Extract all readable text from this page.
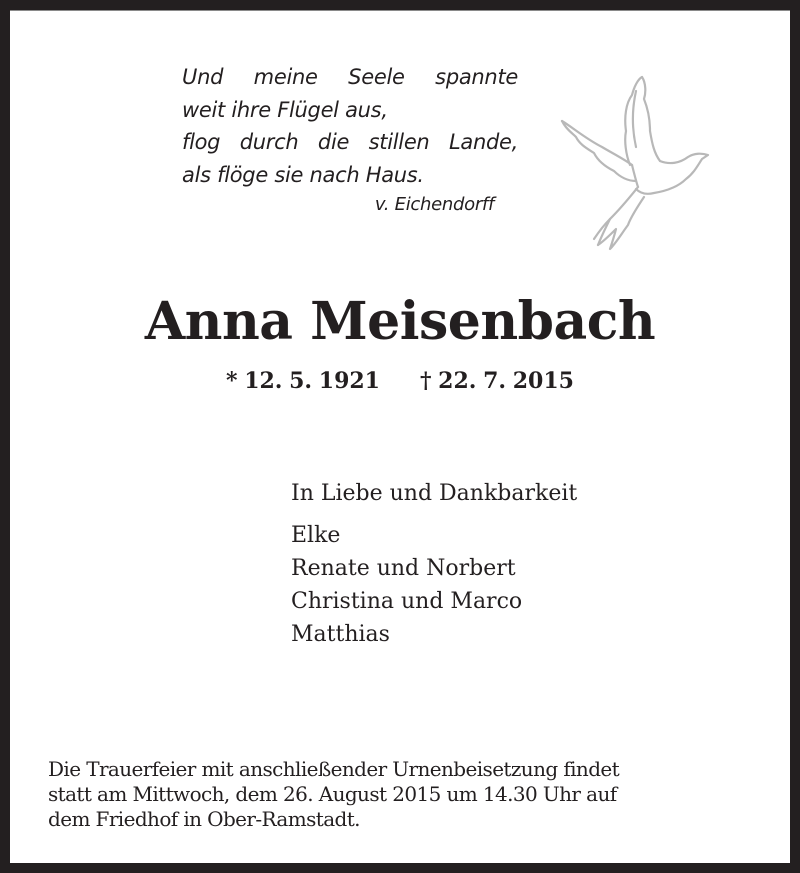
Und meine Seele spannte
weit ihre Flügel aus,
flog durch die stillen Lande,
als flöge sie nach Haus.
v. Eichendorff
Anna Meisenbach
* 12. 5. 1921 † 22. 7. 2015
In Liebe und Dankbarkeit
Elke
Renate und Norbert
Christina und Marco
Matthias
Die Trauerfeier mit anschließender Urnenbeisetzung findet
statt am Mittwoch, dem 26. August 2015 um 14.30 Uhr auf
dem Friedhof in Ober-Ramstadt.
